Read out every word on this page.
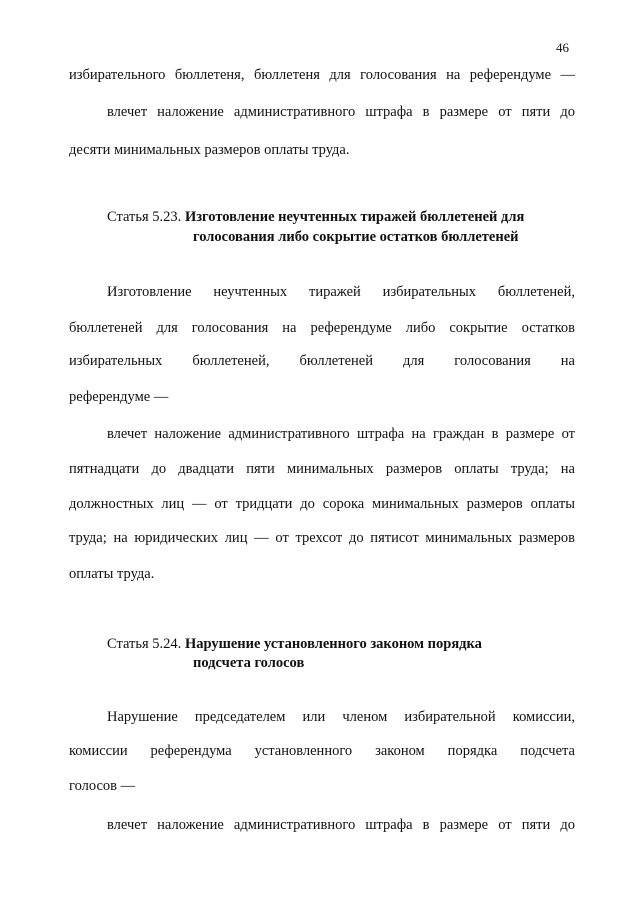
46
избирательного бюллетеня, бюллетеня для голосования на референдуме —
влечет наложение административного штрафа в размере от пяти до
десяти минимальных размеров оплаты труда.
Статья 5.23. Изготовление неучтенных тиражей бюллетеней для
голосования либо сокрытие остатков бюллетеней
Изготовление неучтенных тиражей избирательных бюллетеней,
бюллетеней для голосования на референдуме либо сокрытие остатков
избирательных бюллетеней, бюллетеней для голосования на
референдуме —
влечет наложение административного штрафа на граждан в размере от
пятнадцати до двадцати пяти минимальных размеров оплаты труда; на
должностных лиц — от тридцати до сорока минимальных размеров оплаты
труда; на юридических лиц — от трехсот до пятисот минимальных размеров
оплаты труда.
Статья 5.24. Нарушение установленного законом порядка
подсчета голосов
Нарушение председателем или членом избирательной комиссии,
комиссии референдума установленного законом порядка подсчета
голосов —
влечет наложение административного штрафа в размере от пяти до
